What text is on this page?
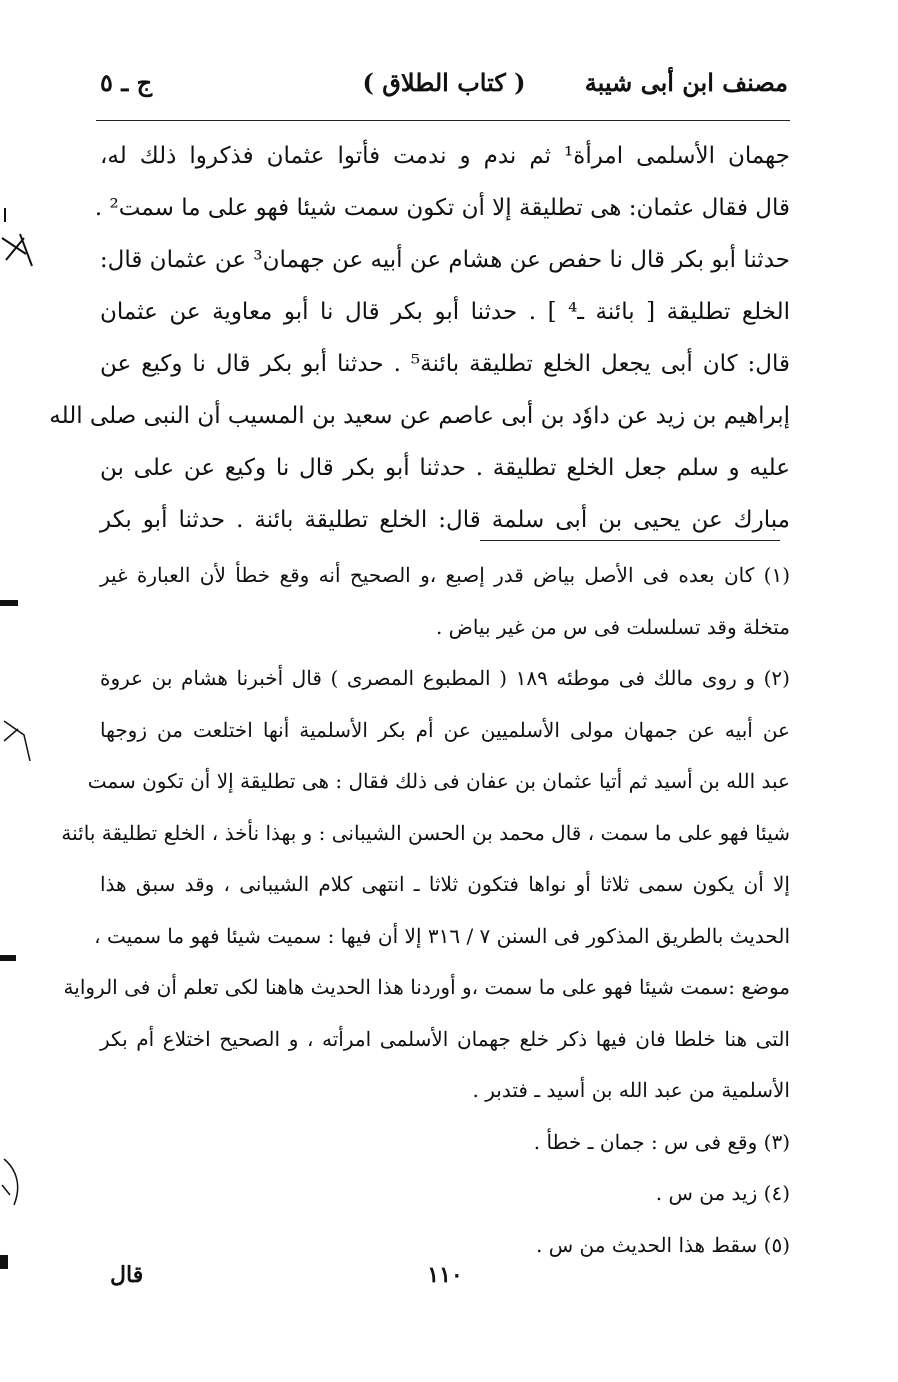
مصنف ابن أبى شيبة
( كتاب الطلاق )
ج ـ ٥
جهمان الأسلمى امرأة¹ ثم ندم و ندمت فأتوا عثمان فذكروا ذلك له،
قال فقال عثمان: هى تطليقة إلا أن تكون سمت شيئا فهو على ما سمت² .
حدثنا أبو بكر قال نا حفص عن هشام عن أبيه عن جهمان³ عن عثمان قال:
الخلع تطليقة [ بائنة ـ⁴ ] . حدثنا أبو بكر قال نا أبو معاوية عن عثمان
قال: كان أبى يجعل الخلع تطليقة بائنة⁵ . حدثنا أبو بكر قال نا وكيع عن
إبراهيم بن زيد عن داوٗد بن أبى عاصم عن سعيد بن المسيب أن النبى صلى الله
عليه و سلم جعل الخلع تطليقة . حدثنا أبو بكر قال نا وكيع عن على بن
مبارك عن يحيى بن أبى سلمة قال: الخلع تطليقة بائنة . حدثنا أبو بكر
(١) كان بعده فى الأصل بياض قدر إصبع ،و الصحيح أنه وقع خطأ لأن العبارة غير
متخلة وقد تسلسلت فى س من غير بياض .
(٢) و روى مالك فى موطئه ١٨٩ ( المطبوع المصرى ) قال أخبرنا هشام بن عروة
عن أبيه عن جمهان مولى الأسلميين عن أم بكر الأسلمية أنها اختلعت من زوجها
عبد الله بن أسيد ثم أتيا عثمان بن عفان فى ذلك فقال : هى تطليقة إلا أن تكون سمت
شيئا فهو على ما سمت ، قال محمد بن الحسن الشيبانى : و بهذا نأخذ ، الخلع تطليقة بائنة
إلا أن يكون سمى ثلاثا أو نواها فتكون ثلاثا ـ انتهى كلام الشيبانى ، وقد سبق هذا
الحديث بالطريق المذكور فى السنن ٧ / ٣١٦ إلا أن فيها : سميت شيئا فهو ما سميت ،
موضع :سمت شيئا فهو على ما سمت ،و أوردنا هذا الحديث هاهنا لكى تعلم أن فى الرواية
التى هنا خلطا فان فيها ذكر خلع جهمان الأسلمى امرأته ، و الصحيح اختلاع أم بكر
الأسلمية من عبد الله بن أسيد ـ فتدبر .
(٣) وقع فى س : جمان ـ خطأ .
(٤) زيد من س .
(٥) سقط هذا الحديث من س .
١١٠
قال
